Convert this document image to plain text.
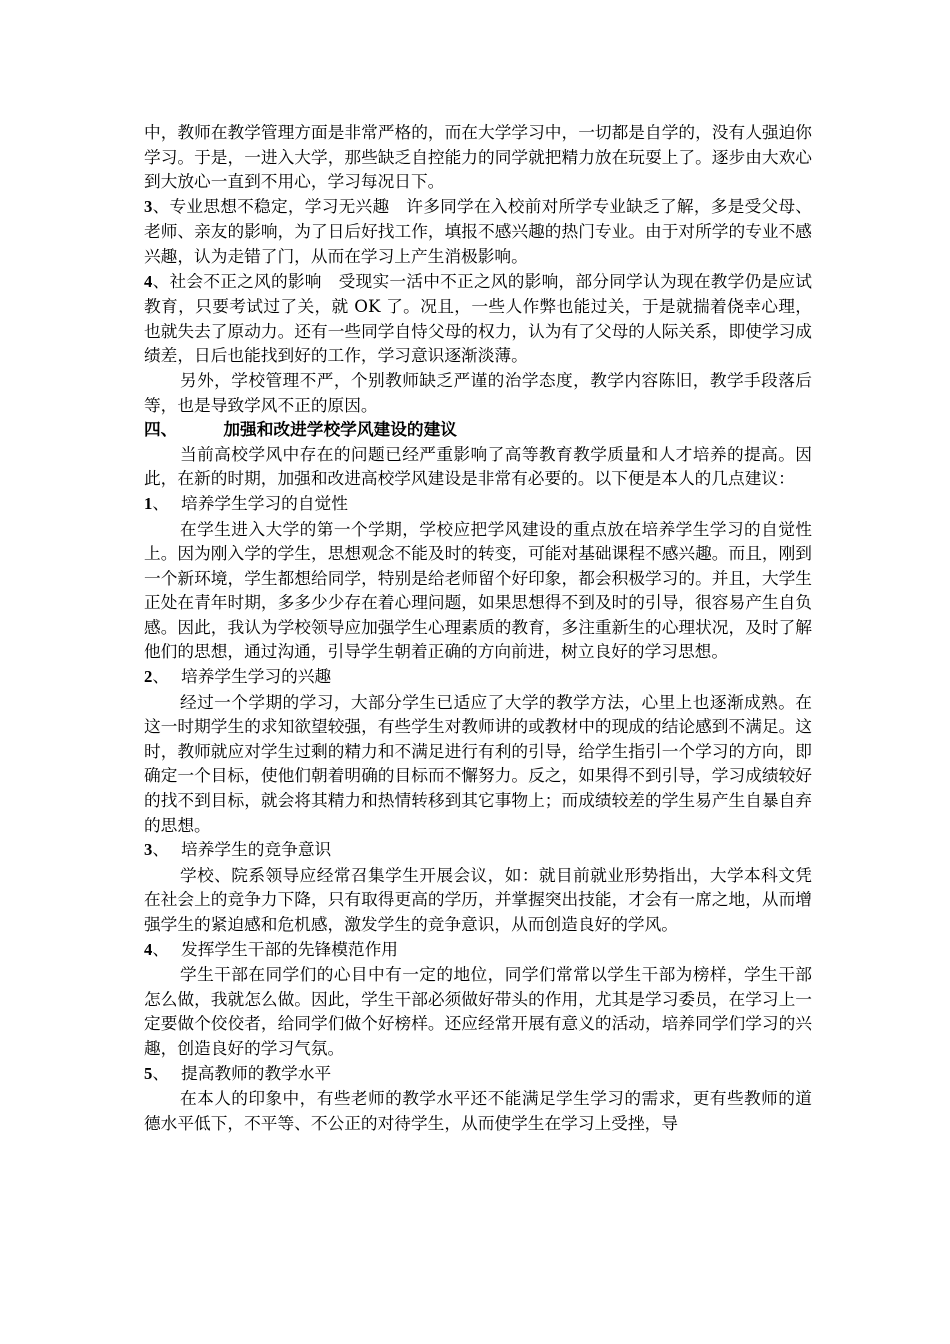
中，教师在教学管理方面是非常严格的，而在大学学习中，一切都是自学的，没有人强迫你学习。于是，一进入大学，那些缺乏自控能力的同学就把精力放在玩耍上了。逐步由大欢心到大放心一直到不用心，学习每况日下。

3、专业思想不稳定，学习无兴趣　许多同学在入校前对所学专业缺乏了解，多是受父母、老师、亲友的影响，为了日后好找工作，填报不感兴趣的热门专业。由于对所学的专业不感兴趣，认为走错了门，从而在学习上产生消极影响。

4、社会不正之风的影响　受现实一活中不正之风的影响，部分同学认为现在教学仍是应试教育，只要考试过了关，就 OK 了。况且，一些人作弊也能过关，于是就揣着侥幸心理，也就失去了原动力。还有一些同学自恃父母的权力，认为有了父母的人际关系，即使学习成绩差，日后也能找到好的工作，学习意识逐渐淡薄。

另外，学校管理不严，个别教师缺乏严谨的治学态度，教学内容陈旧，教学手段落后等，也是导致学风不正的原因。

四、	加强和改进学校学风建设的建议

当前高校学风中存在的问题已经严重影响了高等教育教学质量和人才培养的提高。因此，在新的时期，加强和改进高校学风建设是非常有必要的。以下便是本人的几点建议：

1、 培养学生学习的自觉性

在学生进入大学的第一个学期，学校应把学风建设的重点放在培养学生学习的自觉性上。因为刚入学的学生，思想观念不能及时的转变，可能对基础课程不感兴趣。而且，刚到一个新环境，学生都想给同学，特别是给老师留个好印象，都会积极学习的。并且，大学生正处在青年时期，多多少少存在着心理问题，如果思想得不到及时的引导，很容易产生自负感。因此，我认为学校领导应加强学生心理素质的教育，多注重新生的心理状况，及时了解他们的思想，通过沟通，引导学生朝着正确的方向前进，树立良好的学习思想。

2、 培养学生学习的兴趣

经过一个学期的学习，大部分学生已适应了大学的教学方法，心里上也逐渐成熟。在这一时期学生的求知欲望较强，有些学生对教师讲的或教材中的现成的结论感到不满足。这时，教师就应对学生过剩的精力和不满足进行有利的引导，给学生指引一个学习的方向，即确定一个目标，使他们朝着明确的目标而不懈努力。反之，如果得不到引导，学习成绩较好的找不到目标，就会将其精力和热情转移到其它事物上；而成绩较差的学生易产生自暴自弃的思想。

3、 培养学生的竞争意识

学校、院系领导应经常召集学生开展会议，如：就目前就业形势指出，大学本科文凭在社会上的竞争力下降，只有取得更高的学历，并掌握突出技能，才会有一席之地，从而增强学生的紧迫感和危机感，激发学生的竞争意识，从而创造良好的学风。

4、 发挥学生干部的先锋模范作用

学生干部在同学们的心目中有一定的地位，同学们常常以学生干部为榜样，学生干部怎么做，我就怎么做。因此，学生干部必须做好带头的作用，尤其是学习委员，在学习上一定要做个佼佼者，给同学们做个好榜样。还应经常开展有意义的活动，培养同学们学习的兴趣，创造良好的学习气氛。

5、 提高教师的教学水平

在本人的印象中，有些老师的教学水平还不能满足学生学习的需求，更有些教师的道德水平低下，不平等、不公正的对待学生，从而使学生在学习上受挫，导
